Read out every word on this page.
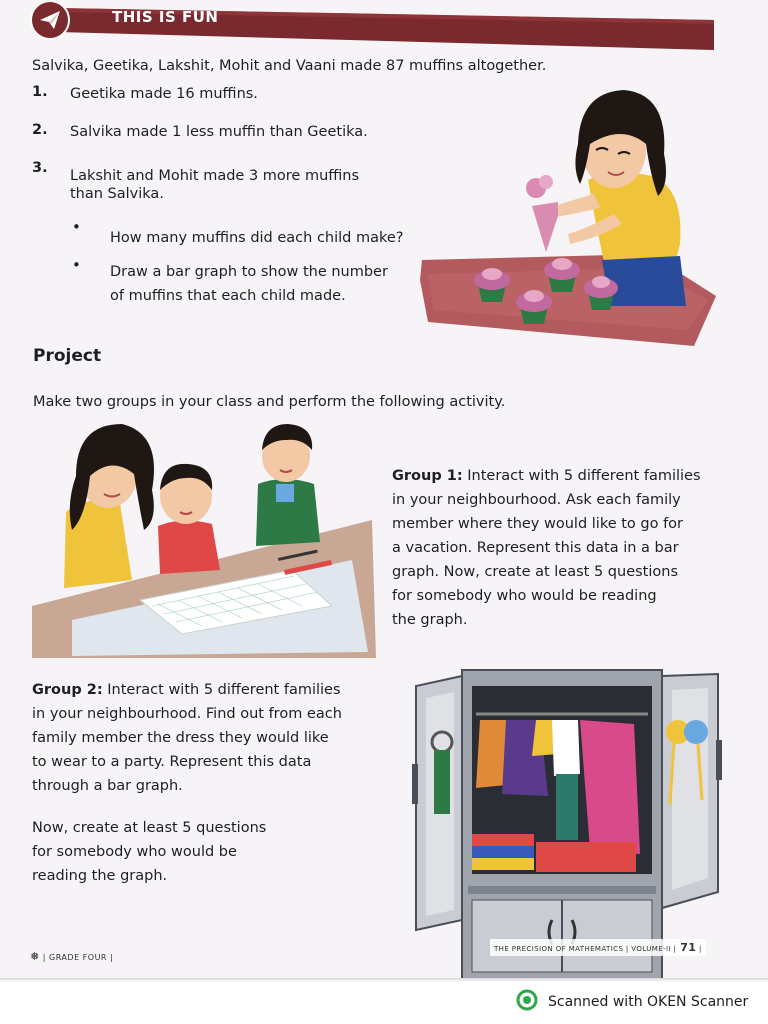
THIS IS FUN
Salvika, Geetika, Lakshit, Mohit and Vaani made 87 muffins altogether.
1. Geetika made 16 muffins.
2. Salvika made 1 less muffin than Geetika.
3. Lakshit and Mohit made 3 more muffins
than Salvika.
•
How many muffins did each child make?
• Draw a bar graph to show the number
of muffins that each child made.
Project
Make two groups in your class and perform the following activity.
Group 1: Interact with 5 different families
in your neighbourhood. Ask each family
member where they would like to go for
a vacation. Represent this data in a bar
graph. Now, create at least 5 questions
for somebody who would be reading
the graph.
Group 2: Interact with 5 different families
in your neighbourhood. Find out from each
family member the dress they would like
to wear to a party. Represent this data
through a bar graph.
Now, create at least 5 questions
for somebody who would be
reading the graph.
❅ | GRADE FOUR |
THE PRECISION OF MATHEMATICS | VOLUME-II | 71 |
Scanned with OKEN Scanner
